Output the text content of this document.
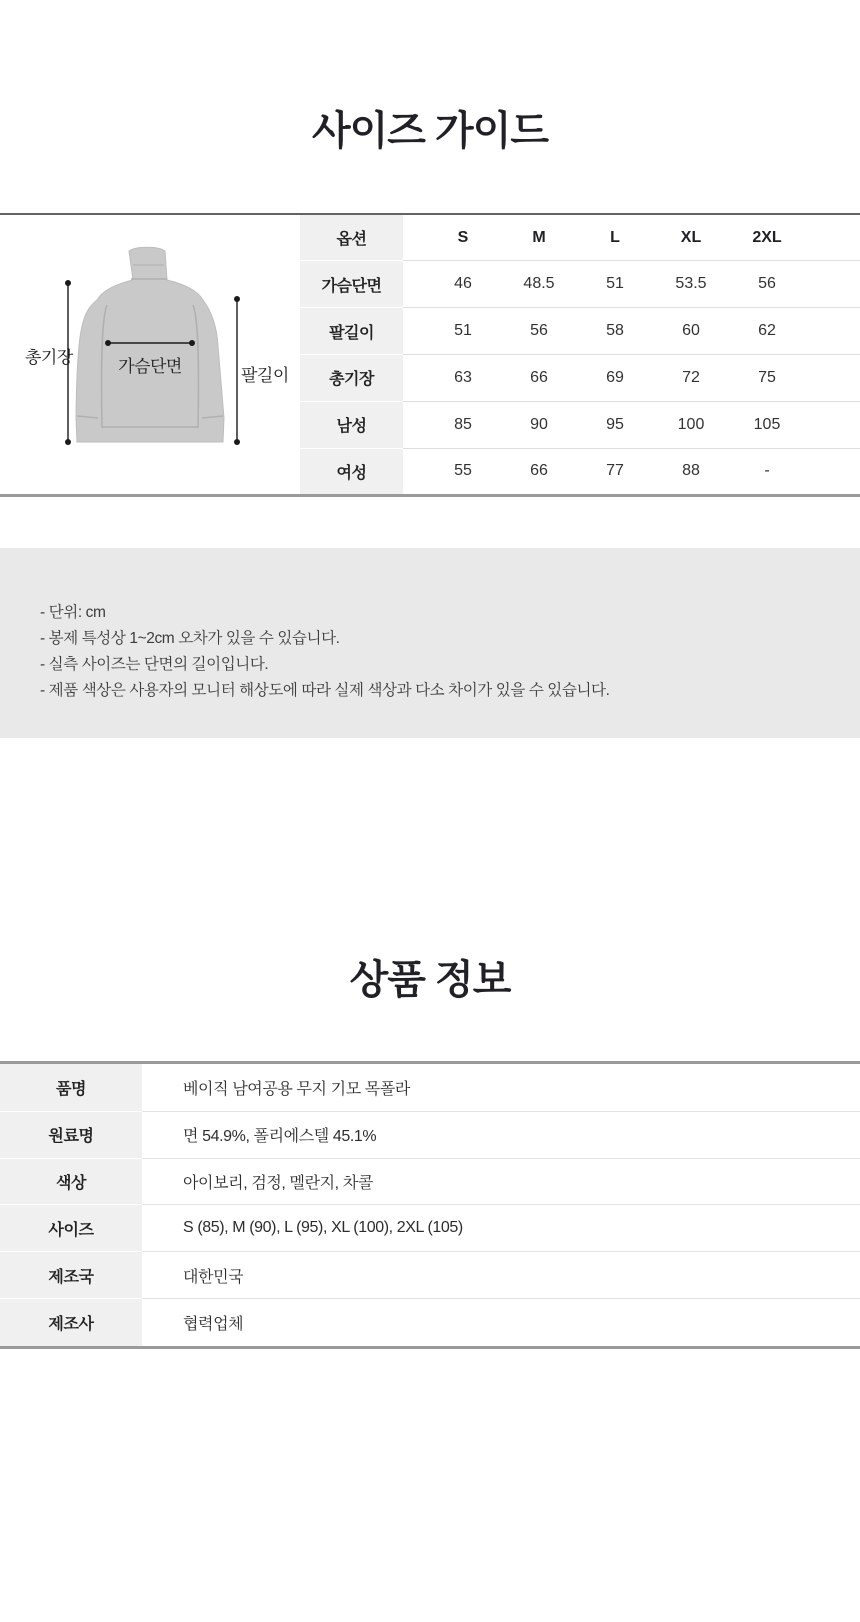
사이즈 가이드
총기장	가슴단면	팔길이
옵션		S	M	L	XL	2XL	
가슴단면		46	48.5	51	53.5	56	
팔길이		51	56	58	60	62	
총기장		63	66	69	72	75	
남성		85	90	95	100	105	
여성		55	66	77	88	-	

- 단위: cm

- 봉제 특성상 1~2cm 오차가 있을 수 있습니다.

- 실측 사이즈는 단면의 길이입니다.

- 제품 색상은 사용자의 모니터 해상도에 따라 실제 색상과 다소 차이가 있을 수 있습니다.

상품 정보
품명	베이직 남여공용 무지 기모 목폴라
원료명	면 54.9%, 폴리에스텔 45.1%
색상	아이보리, 검정, 멜란지, 차콜
사이즈	S (85), M (90), L (95), XL (100), 2XL (105)
제조국	대한민국
제조사	협력업체
